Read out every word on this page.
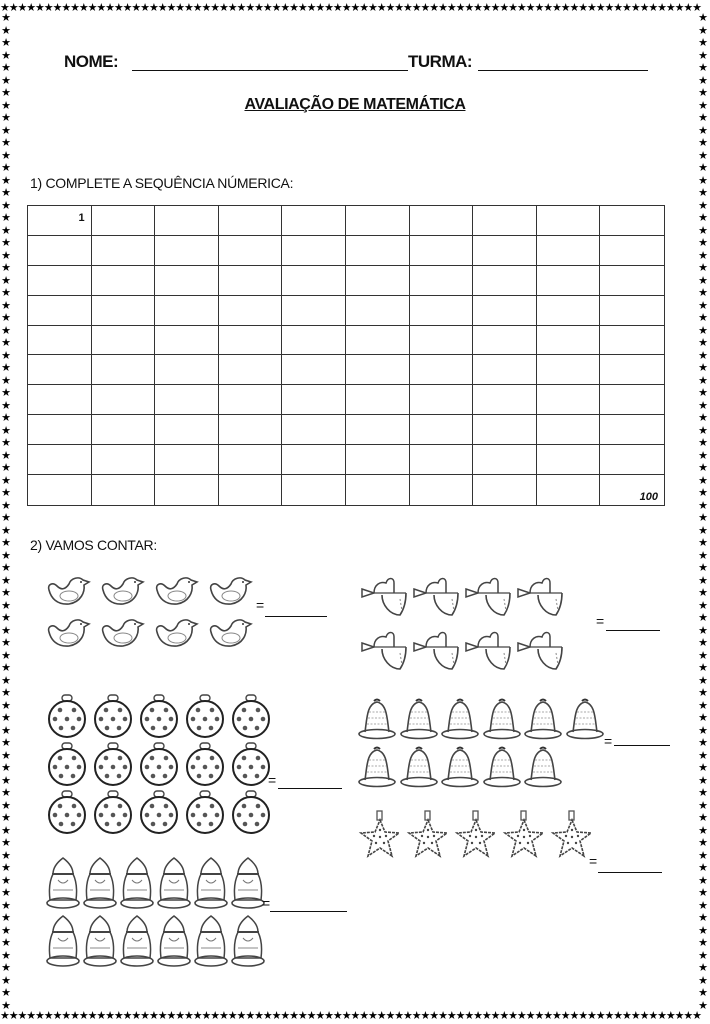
★★★★★★★★★★★★★★★★★★★★★★★★★★★★★★★★★★★★★★★★★★★★★★★★★★★★★★★★★★★★★★★★★★★★★★★★★★★★★★★★
★★★★★★★★★★★★★★★★★★★★★★★★★★★★★★★★★★★★★★★★★★★★★★★★★★★★★★★★★★★★★★★★★★★★★★★★★★★★★★★★
★
★
★
★
★
★
★
★
★
★
★
★
★
★
★
★
★
★
★
★
★
★
★
★
★
★
★
★
★
★
★
★
★
★
★
★
★
★
★
★
★
★
★
★
★
★
★
★
★
★
★
★
★
★
★
★
★
★
★
★
★
★
★
★
★
★
★
★
★
★
★
★
★
★
★
★
★
★
★
★
★
★
★
★
★
★
★
★
★
★
★
★
★
★
★
★
★
★
★
★
★
★
★
★
★
★
★
★
★
★
★
★
★
★
★
★
★
★
★
★
★
★
★
★
★
★
★
★
★
★
★
★
★
★
★
★
★
★
★
★
★
★
★
★
★
★
★
★
★
★
★
★
★
★
★
★
★
★
★
★
NOME:	TURMA:
AVALIAÇÃO DE MATEMÁTICA
1) COMPLETE A SEQUÊNCIA NÚMERICA:
1
100
2) VAMOS CONTAR:
=
=
=
=
=
=
